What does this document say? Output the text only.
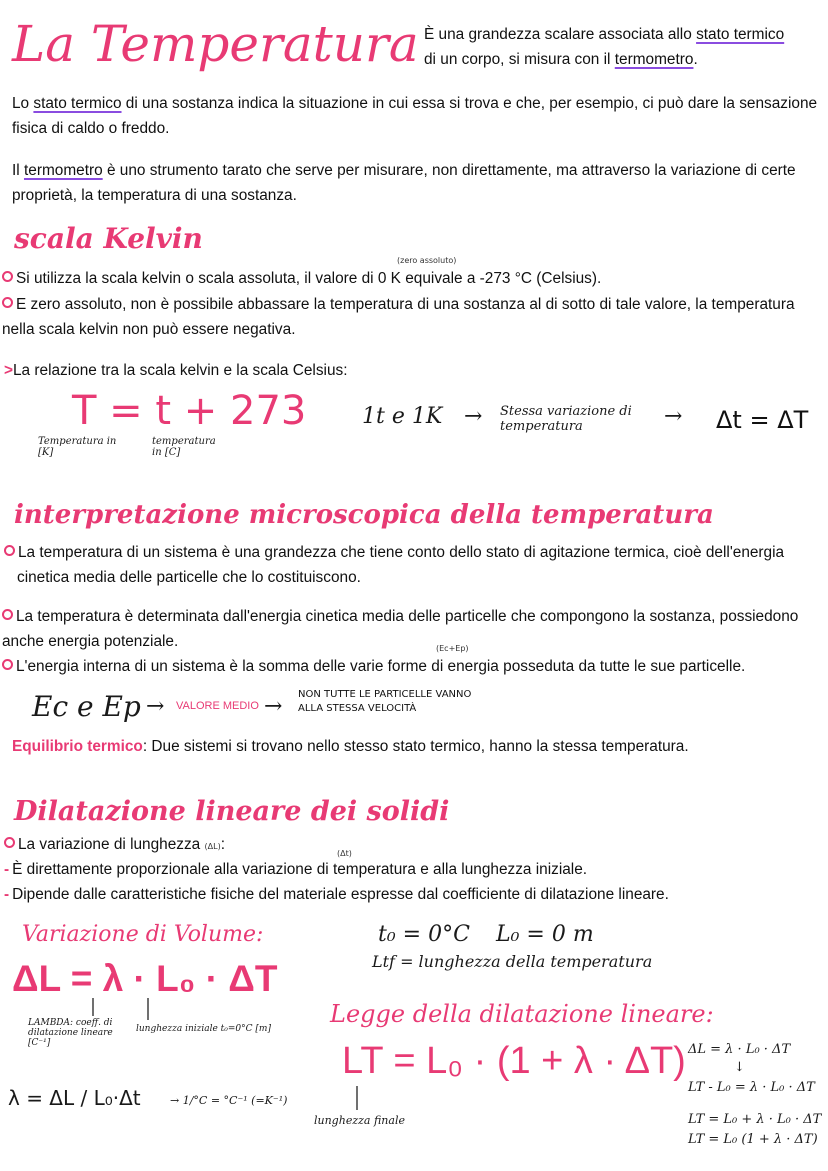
La Temperatura È una grandezza scalare associata allo stato termico
di un corpo, si misura con il termometro.
Lo stato termico di una sostanza indica la situazione in cui essa si trova e che, per esempio, ci può dare la sensazione fisica di caldo o freddo.
Il termometro è uno strumento tarato che serve per misurare, non direttamente, ma attraverso la variazione di certe proprietà, la temperatura di una sostanza.
scala Kelvin
(zero assoluto)
Si utilizza la scala kelvin o scala assoluta, il valore di 0 K equivale a -273 °C (Celsius).
E zero assoluto, non è possibile abbassare la temperatura di una sostanza al di sotto di tale valore, la temperatura nella scala kelvin non può essere negativa.
>La relazione tra la scala kelvin e la scala Celsius:
T = t + 273
Temperatura in [K]
temperatura in [C]
1t e 1K → Stessa variazione di temperatura	→ Δt = ΔT
interpretazione microscopica della temperatura
La temperatura di un sistema è una grandezza che tiene conto dello stato di agitazione termica, cioè dell'energia cinetica media delle particelle che lo costituiscono.
La temperatura è determinata dall'energia cinetica media delle particelle che compongono la sostanza, possiedono anche energia potenziale.	(Ec+Ep)
L'energia interna di un sistema è la somma delle varie forme di energia posseduta da tutte le sue particelle.
Ec e Ep → VALORE MEDIO → NON TUTTE LE PARTICELLE VANNO ALLA STESSA VELOCITÀ
Equilibrio termico: Due sistemi si trovano nello stesso stato termico, hanno la stessa temperatura.
Dilatazione lineare dei solidi
La variazione di lunghezza (ΔL):
(Δt)
- È direttamente proporzionale alla variazione di temperatura e alla lunghezza iniziale.
- Dipende dalle caratteristiche fisiche del materiale espresse dal coefficiente di dilatazione lineare.
Variazione di Volume:
ΔL = λ · L₀ · ΔT
LAMBDA: coeff. di dilatazione lineare [C⁻¹]
lunghezza iniziale t₀=0°C [m]
λ = ΔL / L₀·Δt	→ 1/°C = °C⁻¹ (=K⁻¹)
t₀ = 0°C L₀ = 0 m
Ltf = lunghezza della temperatura
Legge della dilatazione lineare:
LT = L₀ · (1 + λ · ΔT)
lunghezza finale
ΔL = λ · L₀ · ΔT
↓
LT - L₀ = λ · L₀ · ΔT
LT = L₀ + λ · L₀ · ΔT
LT = L₀ (1 + λ · ΔT)
